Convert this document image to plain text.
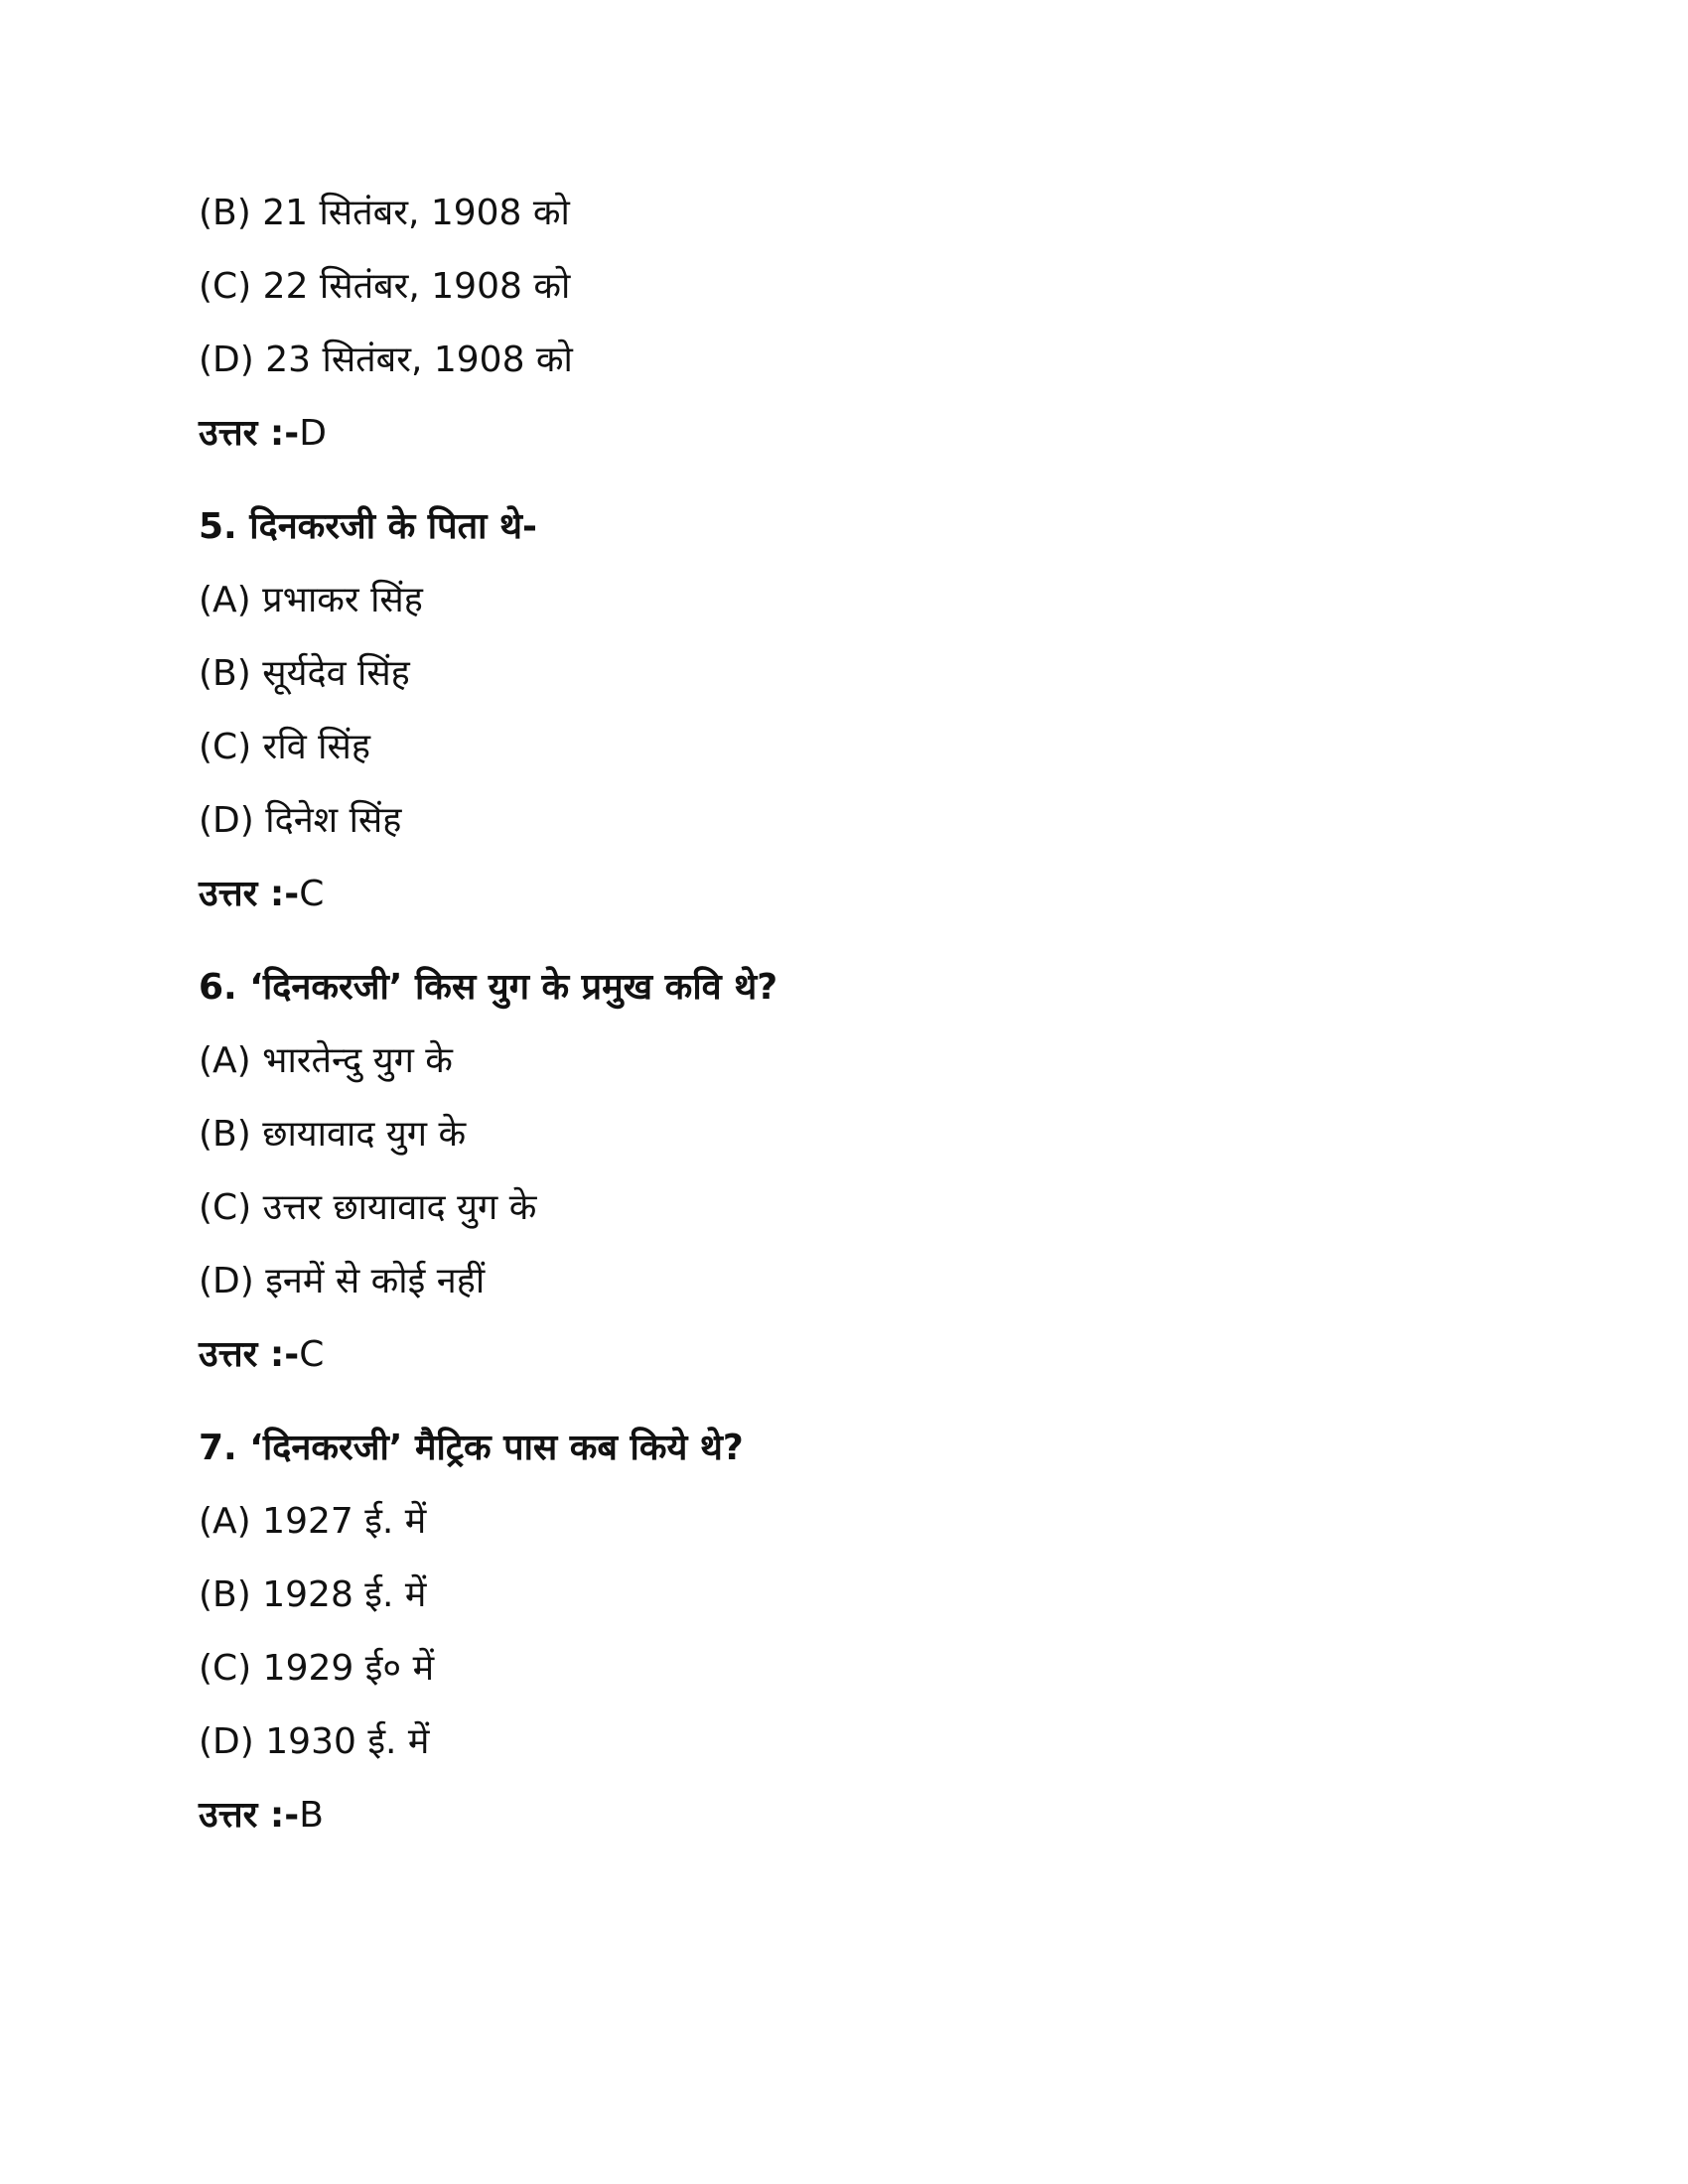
(B) 21 सितंबर, 1908 को
(C) 22 सितंबर, 1908 को
(D) 23 सितंबर, 1908 को
उत्तर :-D
5. दिनकरजी के पिता थे-
(A) प्रभाकर सिंह
(B) सूर्यदेव सिंह
(C) रवि सिंह
(D) दिनेश सिंह
उत्तर :-C
6. ‘दिनकरजी’ किस युग के प्रमुख कवि थे?
(A) भारतेन्दु युग के
(B) छायावाद युग के
(C) उत्तर छायावाद युग के
(D) इनमें से कोई नहीं
उत्तर :-C
7. ‘दिनकरजी’ मैट्रिक पास कब किये थे?
(A) 1927 ई. में
(B) 1928 ई. में
(C) 1929 ई० में
(D) 1930 ई. में
उत्तर :-B
